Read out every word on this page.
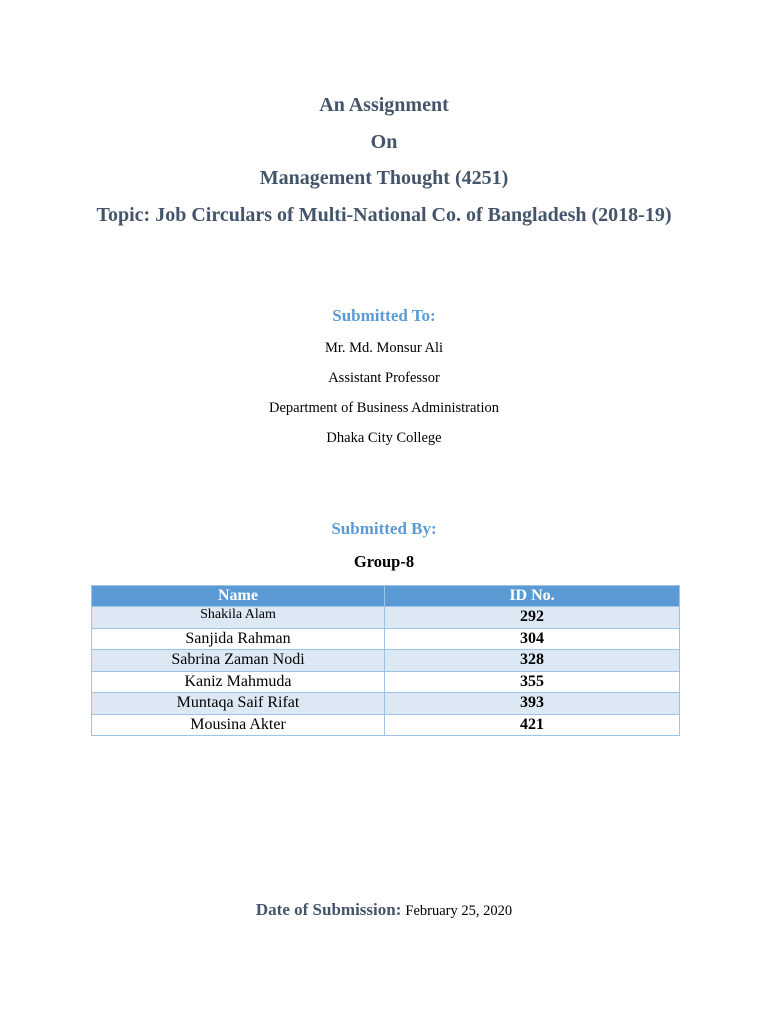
An Assignment
On
Management Thought (4251)
Topic: Job Circulars of Multi-National Co. of Bangladesh (2018-19)
Submitted To:
Mr. Md. Monsur Ali
Assistant Professor
Department of Business Administration
Dhaka City College
Submitted By:
Group-8
Name	ID No.
Shakila Alam	292
Sanjida Rahman	304
Sabrina Zaman Nodi	328
Kaniz Mahmuda	355
Muntaqa Saif Rifat	393
Mousina Akter	421
Date of Submission: February 25, 2020
